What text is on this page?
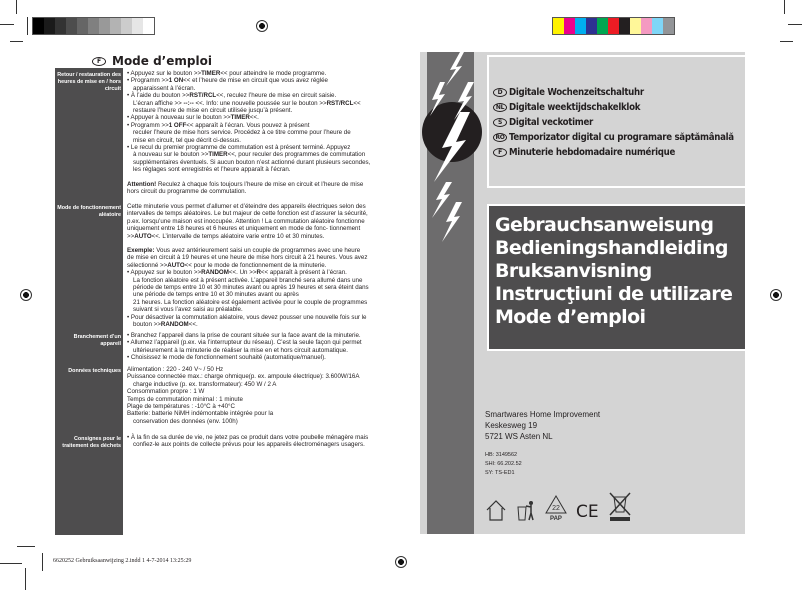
F Mode d’emploi
Retour / restauration des heures de mise en / hors circuit
Mode de fonctionnement aléatoire
Branchement d’un appareil
Données techniques
Consignes pour le traitement des déchets

• Appuyez sur le bouton >>TIMER<< pour atteindre le mode programme.

• Programm >>1 ON<< et l’heure de mise en circuit que vous avez réglée

apparaissent à l’écran.

• À l’aide du bouton >>RST/RCL<<, reculez l’heure de mise en circuit saisie.

L’écran affiche >> --:-- <<. Info: une nouvelle poussée sur le bouton >>RST/RCL<<

restaure l’heure de mise en circuit utilisée jusqu’à présent.

• Appuyer à nouveau sur le bouton >>TIMER<<.

• Programm >>1 OFF<< apparaît à l’écran. Vous pouvez à présent

reculer l’heure de mise hors service. Procédez à ce titre comme pour l’heure de

mise en circuit, tel que décrit ci-dessus.

• Le recul du premier programme de commutation est à présent terminé. Appuyez

à nouveau sur le bouton >>TIMER<<, pour reculer des programmes de commutation

supplémentaires éventuels. Si aucun bouton n’est actionné durant plusieurs secondes,

les réglages sont enregistrés et l’heure apparaît à l’écran.

Attention! Reculez à chaque fois toujours l’heure de mise en circuit et l’heure de mise

hors circuit du programme de commutation.

Cette minuterie vous permet d’allumer et d’éteindre des appareils électriques selon des

intervalles de temps aléatoires. Le but majeur de cette fonction est d’assurer la sécurité,

p.ex. lorsqu’une maison est inoccupée. Attention ! La commutation aléatoire fonctionne

uniquement entre 18 heures et 6 heures et uniquement en mode de fonc- tionnement

>>AUTO<<. L’intervalle de temps aléatoire varie entre 10 et 30 minutes.

Exemple: Vous avez antérieurement saisi un couple de programmes avec une heure

de mise en circuit à 19 heures et une heure de mise hors circuit à 21 heures. Vous avez

sélectionné >>AUTO<< pour le mode de fonctionnement de la minuterie.

• Appuyez sur le bouton >>RANDOM<<. Un >>R<< apparaît à présent à l’écran.

La fonction aléatoire est à présent activée. L’appareil branché sera allumé dans une

période de temps entre 10 et 30 minutes avant ou après 19 heures et sera éteint dans

une période de temps entre 10 et 30 minutes avant ou après

21 heures. La fonction aléatoire est également activée pour le couple de programmes

suivant si vous l’avez saisi au préalable.

• Pour désactiver la commutation aléatoire, vous devez pousser une nouvelle fois sur le

bouton >>RANDOM<<.

• Branchez l’appareil dans la prise de courant située sur la face avant de la minuterie.

• Allumez l’appareil (p.ex. via l’interrupteur du réseau). C’est la seule façon qui permet

ultérieurement à la minuterie de réaliser la mise en et hors circuit automatique.

• Choisissez le mode de fonctionnement souhaité (automatique/manuel).

Alimentation : 220 - 240 V~ / 50 Hz

Puissance connectée max.: charge ohmique(p. ex. ampoule électrique): 3.600W/16A

charge inductive (p. ex. transformateur): 450 W / 2 A

Consommation propre : 1 W

Temps de commutation minimal : 1 minute

Plage de températures : -10°C à +40°C

Batterie: batterie NiMH indémontable intégrée pour la

conservation des données (env. 100h)

• À la fin de sa durée de vie, ne jetez pas ce produit dans votre poubelle ménagère mais

confiez-le aux points de collecte prévus pour les appareils électroménagers usagers.

D Digitale Wochenzeitschaltuhr
NL Digitale weektijdschakelklok
S Digital veckotimer
RO Temporizator digital cu programare săptămânală
F Minuterie hebdomadaire numérique
Gebrauchsanweisung
Bedieningshandleiding
Bruksanvisning
Instrucţiuni de utilizare
Mode d’emploi
Smartwares Home Improvement
Keskesweg 19
5721 WS Asten NL
HB: 3149562
SHI: 66.202.52
SY: TS-ED1
22
PAP CE
6620252 Gebruiksaanwijzing 2.indd 1 4-7-2014 13:25:29
